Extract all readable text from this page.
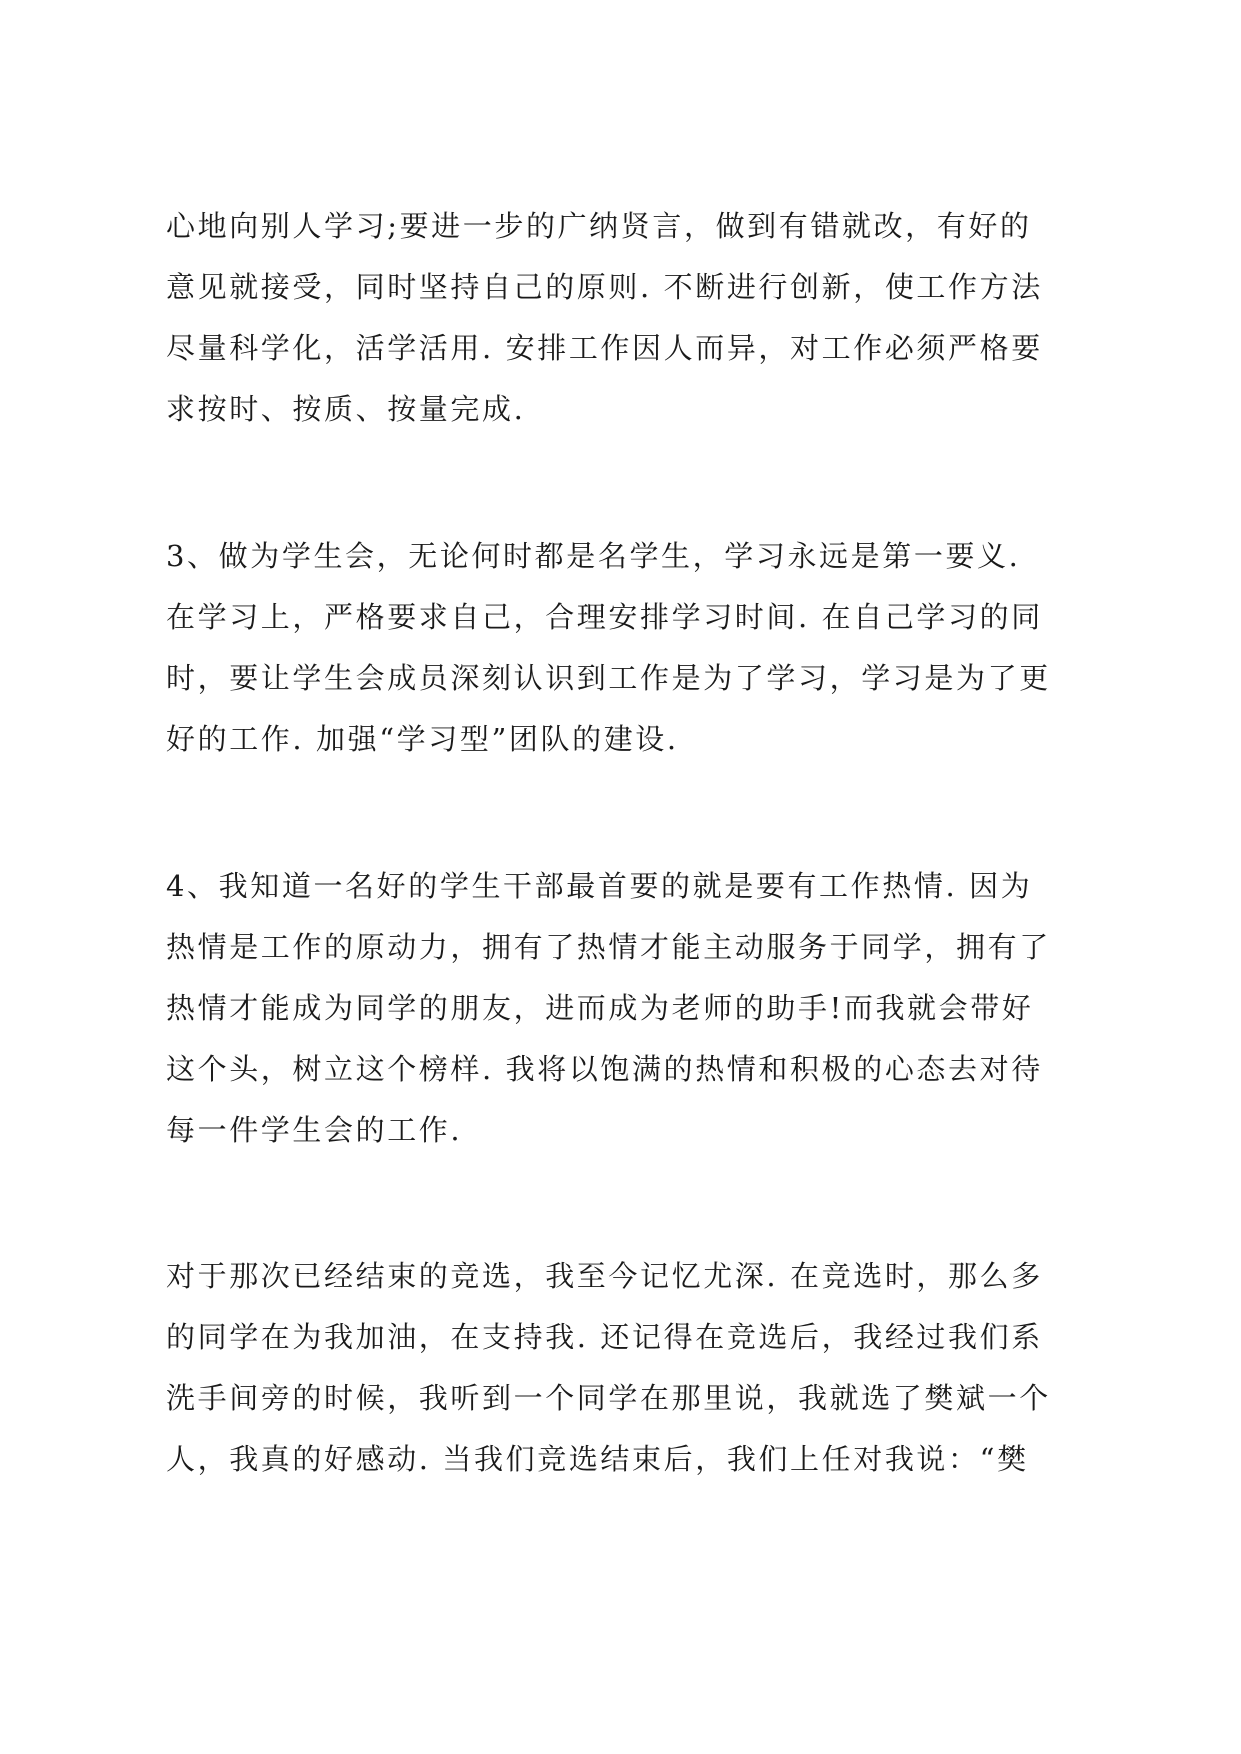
心地向别人学习;要进一步的广纳贤言，做到有错就改，有好的
意见就接受，同时坚持自己的原则. 不断进行创新，使工作方法
尽量科学化，活学活用. 安排工作因人而异，对工作必须严格要
求按时、按质、按量完成.
3、做为学生会，无论何时都是名学生，学习永远是第一要义.
在学习上，严格要求自己，合理安排学习时间. 在自己学习的同
时，要让学生会成员深刻认识到工作是为了学习，学习是为了更
好的工作. 加强“学习型”团队的建设.
4、我知道一名好的学生干部最首要的就是要有工作热情. 因为
热情是工作的原动力，拥有了热情才能主动服务于同学，拥有了
热情才能成为同学的朋友，进而成为老师的助手!而我就会带好
这个头，树立这个榜样. 我将以饱满的热情和积极的心态去对待
每一件学生会的工作.
对于那次已经结束的竞选，我至今记忆尤深. 在竞选时，那么多
的同学在为我加油，在支持我. 还记得在竞选后，我经过我们系
洗手间旁的时候，我听到一个同学在那里说，我就选了樊斌一个
人，我真的好感动. 当我们竞选结束后，我们上任对我说：“樊
